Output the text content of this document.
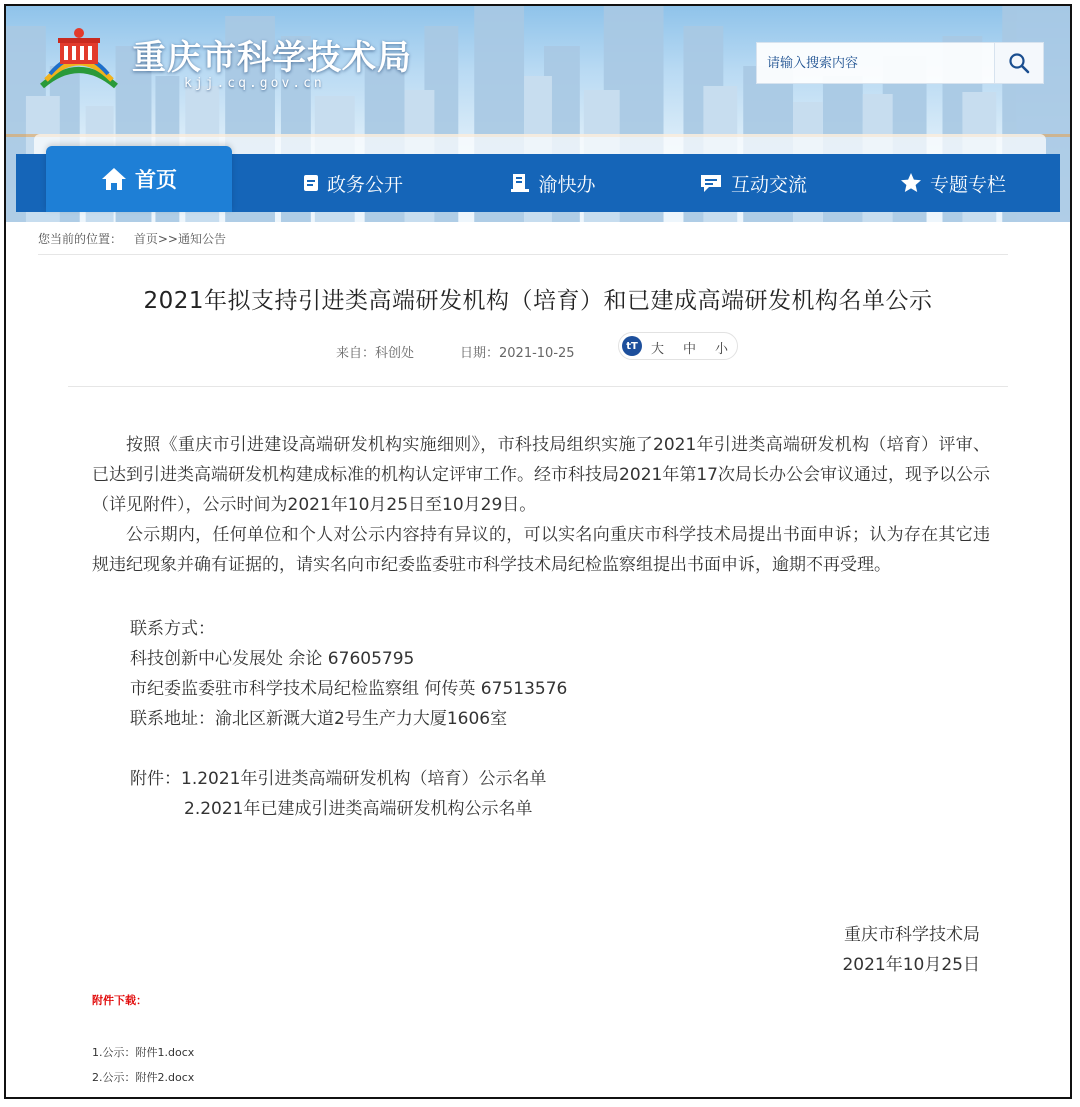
重庆市科学技术局
kjj.cq.gov.cn
请输入搜索内容
首页	政务公开	渝快办	互动交流	专题专栏
您当前的位置： 首页>>通知公告
2021年拟支持引进类高端研发机构（培育）和已建成高端研发机构名单公示
来自：科创处	日期：2021-10-25	tT	大 中 小

按照《重庆市引进建设高端研发机构实施细则》，市科技局组织实施了2021年引进类高端研发机构（培育）评审、已达到引进类高端研发机构建成标准的机构认定评审工作。经市科技局2021年第17次局长办公会审议通过，现予以公示（详见附件），公示时间为2021年10月25日至10月29日。

公示期内，任何单位和个人对公示内容持有异议的，可以实名向重庆市科学技术局提出书面申诉；认为存在其它违规违纪现象并确有证据的，请实名向市纪委监委驻市科学技术局纪检监察组提出书面申诉，逾期不再受理。

联系方式：
科技创新中心发展处 余论 67605795
市纪委监委驻市科学技术局纪检监察组 何传英 67513576
联系地址：渝北区新溉大道2号生产力大厦1606室
附件：1.2021年引进类高端研发机构（培育）公示名单
2.2021年已建成引进类高端研发机构公示名单
重庆市科学技术局
2021年10月25日
附件下载：
1.公示：附件1.docx
2.公示：附件2.docx
